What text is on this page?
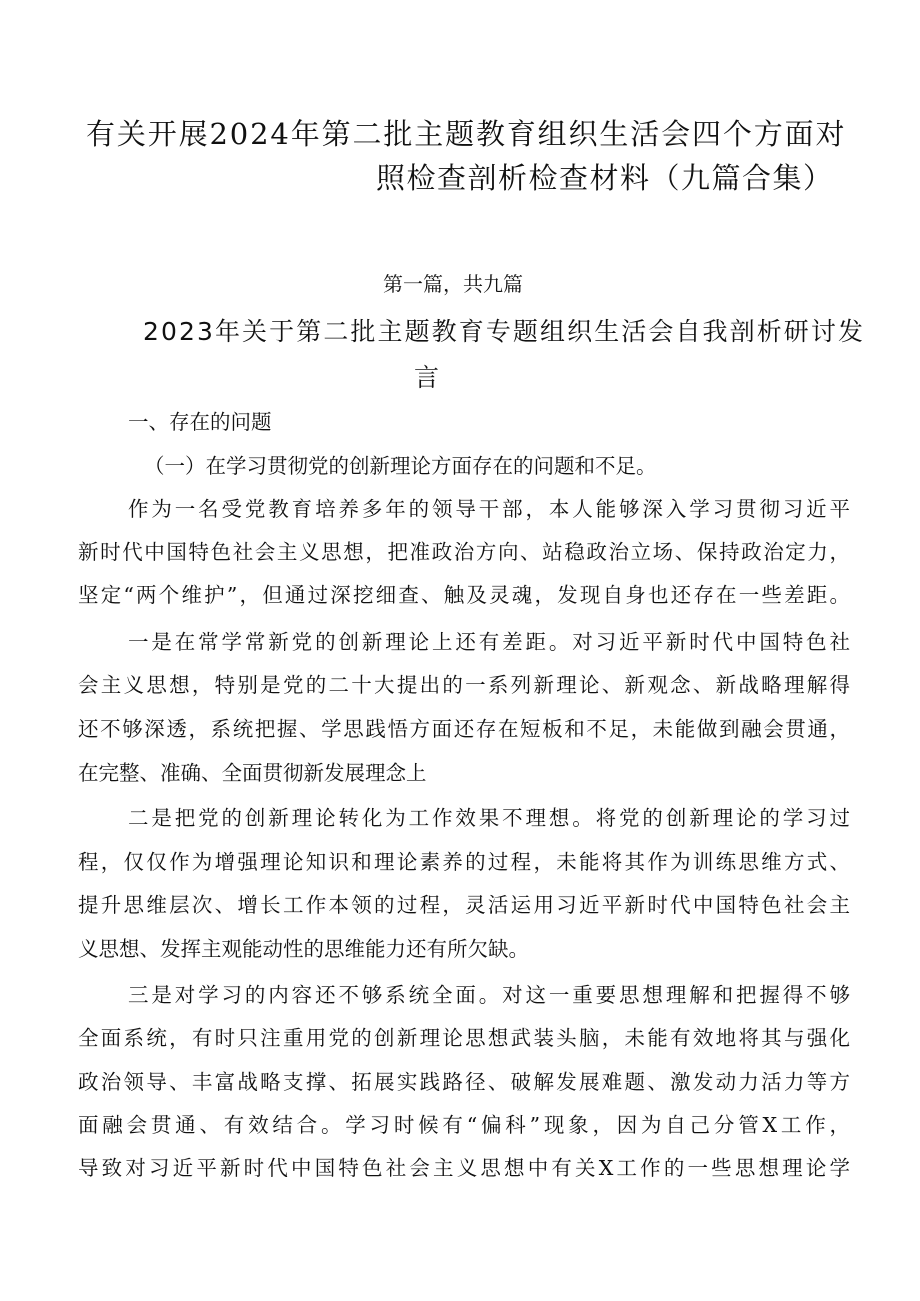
有关开展2024年第二批主题教育组织生活会四个方面对

照检查剖析检查材料（九篇合集）

第一篇，共九篇

2023年关于第二批主题教育专题组织生活会自我剖析研讨发

言

一、存在的问题

（一）在学习贯彻党的创新理论方面存在的问题和不足。

作为一名受党教育培养多年的领导干部，本人能够深入学习贯彻习近平

新时代中国特色社会主义思想，把准政治方向、站稳政治立场、保持政治定力，

坚定“两个维护”，但通过深挖细查、触及灵魂，发现自身也还存在一些差距。

一是在常学常新党的创新理论上还有差距。对习近平新时代中国特色社

会主义思想，特别是党的二十大提出的一系列新理论、新观念、新战略理解得

还不够深透，系统把握、学思践悟方面还存在短板和不足，未能做到融会贯通，

在完整、准确、全面贯彻新发展理念上

二是把党的创新理论转化为工作效果不理想。将党的创新理论的学习过

程，仅仅作为增强理论知识和理论素养的过程，未能将其作为训练思维方式、

提升思维层次、增长工作本领的过程，灵活运用习近平新时代中国特色社会主

义思想、发挥主观能动性的思维能力还有所欠缺。

三是对学习的内容还不够系统全面。对这一重要思想理解和把握得不够

全面系统，有时只注重用党的创新理论思想武装头脑，未能有效地将其与强化

政治领导、丰富战略支撑、拓展实践路径、破解发展难题、激发动力活力等方

面融会贯通、有效结合。学习时候有“偏科”现象，因为自己分管X工作，

导致对习近平新时代中国特色社会主义思想中有关X工作的一些思想理论学
